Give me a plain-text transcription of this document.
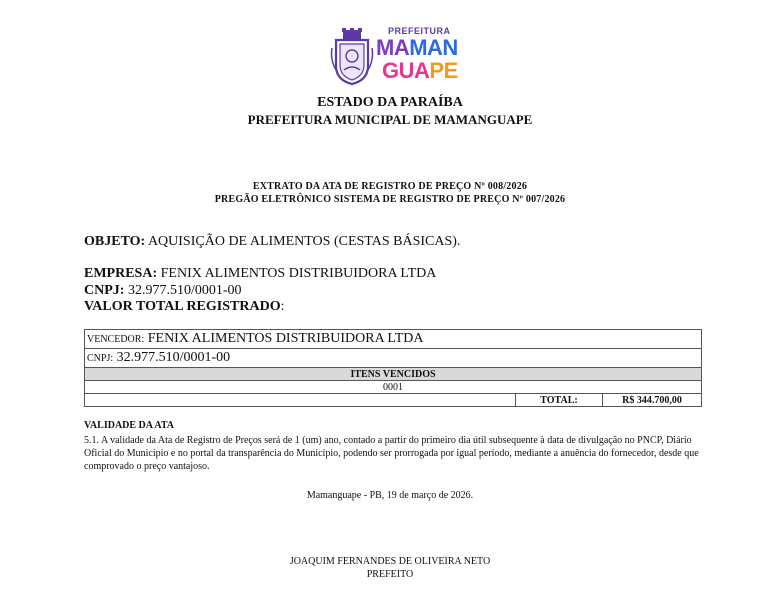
PREFEITURA
MAMAN
GUAPE
ESTADO DA PARAÍBA
PREFEITURA MUNICIPAL DE MAMANGUAPE
EXTRATO DA ATA DE REGISTRO DE PREÇO Nº 008/2026
PREGÃO ELETRÔNICO SISTEMA DE REGISTRO DE PREÇO Nº 007/2026
OBJETO: AQUISIÇÃO DE ALIMENTOS (CESTAS BÁSICAS).
EMPRESA: FENIX ALIMENTOS DISTRIBUIDORA LTDA
CNPJ: 32.977.510/0001-00
VALOR TOTAL REGISTRADO:
VENCEDOR: FENIX ALIMENTOS DISTRIBUIDORA LTDA
CNPJ: 32.977.510/0001-00
ITENS VENCIDOS
0001
	TOTAL:	R$ 344.700,00
VALIDADE DA ATA
5.1. A validade da Ata de Registro de Preços será de 1 (um) ano, contado a partir do primeiro dia útil subsequente à data de divulgação no PNCP, Diário Oficial do Município e no portal da transparência do Município, podendo ser prorrogada por igual período, mediante a anuência do fornecedor, desde que comprovado o preço vantajoso.
Mamanguape - PB, 19 de março de 2026.
JOAQUIM FERNANDES DE OLIVEIRA NETO
PREFEITO
